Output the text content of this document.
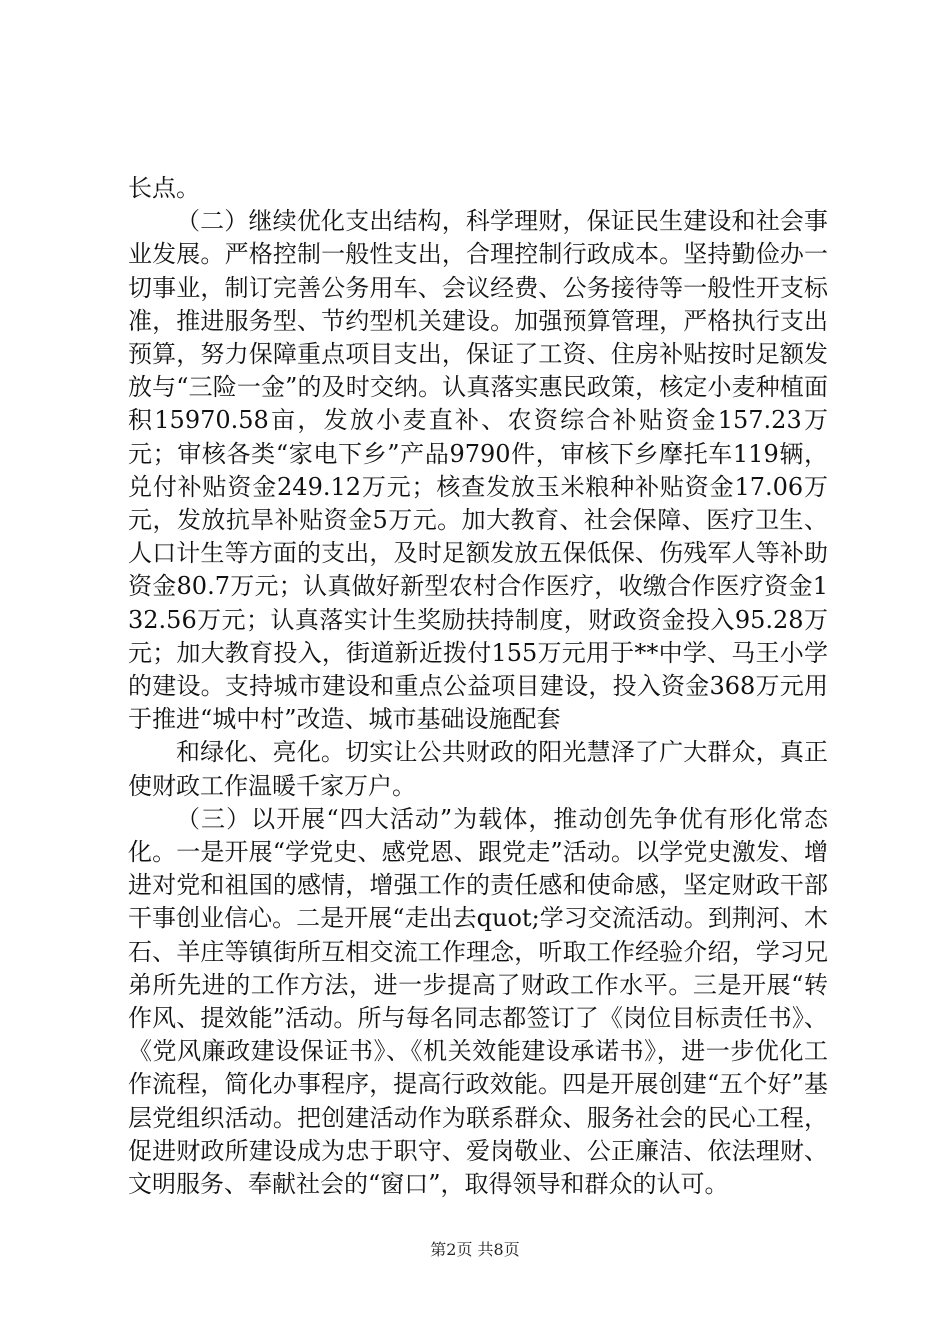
长点。

（二）继续优化支出结构，科学理财，保证民生建设和社会事业发展。严格控制一般性支出，合理控制行政成本。坚持勤俭办一切事业，制订完善公务用车、会议经费、公务接待等一般性开支标准，推进服务型、节约型机关建设。加强预算管理，严格执行支出预算，努力保障重点项目支出，保证了工资、住房补贴按时足额发放与“三险一金”的及时交纳。认真落实惠民政策，核定小麦种植面积15970.58亩，发放小麦直补、农资综合补贴资金157.23万元；审核各类“家电下乡”产品9790件，审核下乡摩托车119辆，兑付补贴资金249.12万元；核查发放玉米粮种补贴资金17.06万元，发放抗旱补贴资金5万元。加大教育、社会保障、医疗卫生、人口计生等方面的支出，及时足额发放五保低保、伤残军人等补助资金80.7万元；认真做好新型农村合作医疗，收缴合作医疗资金132.56万元；认真落实计生奖励扶持制度，财政资金投入95.28万元；加大教育投入，街道新近拨付155万元用于**中学、马王小学的建设。支持城市建设和重点公益项目建设，投入资金368万元用于推进“城中村”改造、城市基础设施配套

和绿化、亮化。切实让公共财政的阳光慧泽了广大群众，真正使财政工作温暖千家万户。

（三）以开展“四大活动”为载体，推动创先争优有形化常态化。一是开展“学党史、感党恩、跟党走”活动。以学党史激发、增进对党和祖国的感情，增强工作的责任感和使命感，坚定财政干部干事创业信心。二是开展“走出去quot;学习交流活动。到荆河、木石、羊庄等镇街所互相交流工作理念，听取工作经验介绍，学习兄弟所先进的工作方法，进一步提高了财政工作水平。三是开展“转作风、提效能”活动。所与每名同志都签订了《岗位目标责任书》、《党风廉政建设保证书》、《机关效能建设承诺书》，进一步优化工作流程，简化办事程序，提高行政效能。四是开展创建“五个好”基层党组织活动。把创建活动作为联系群众、服务社会的民心工程，促进财政所建设成为忠于职守、爱岗敬业、公正廉洁、依法理财、文明服务、奉献社会的“窗口”，取得领导和群众的认可。

第2页 共8页
